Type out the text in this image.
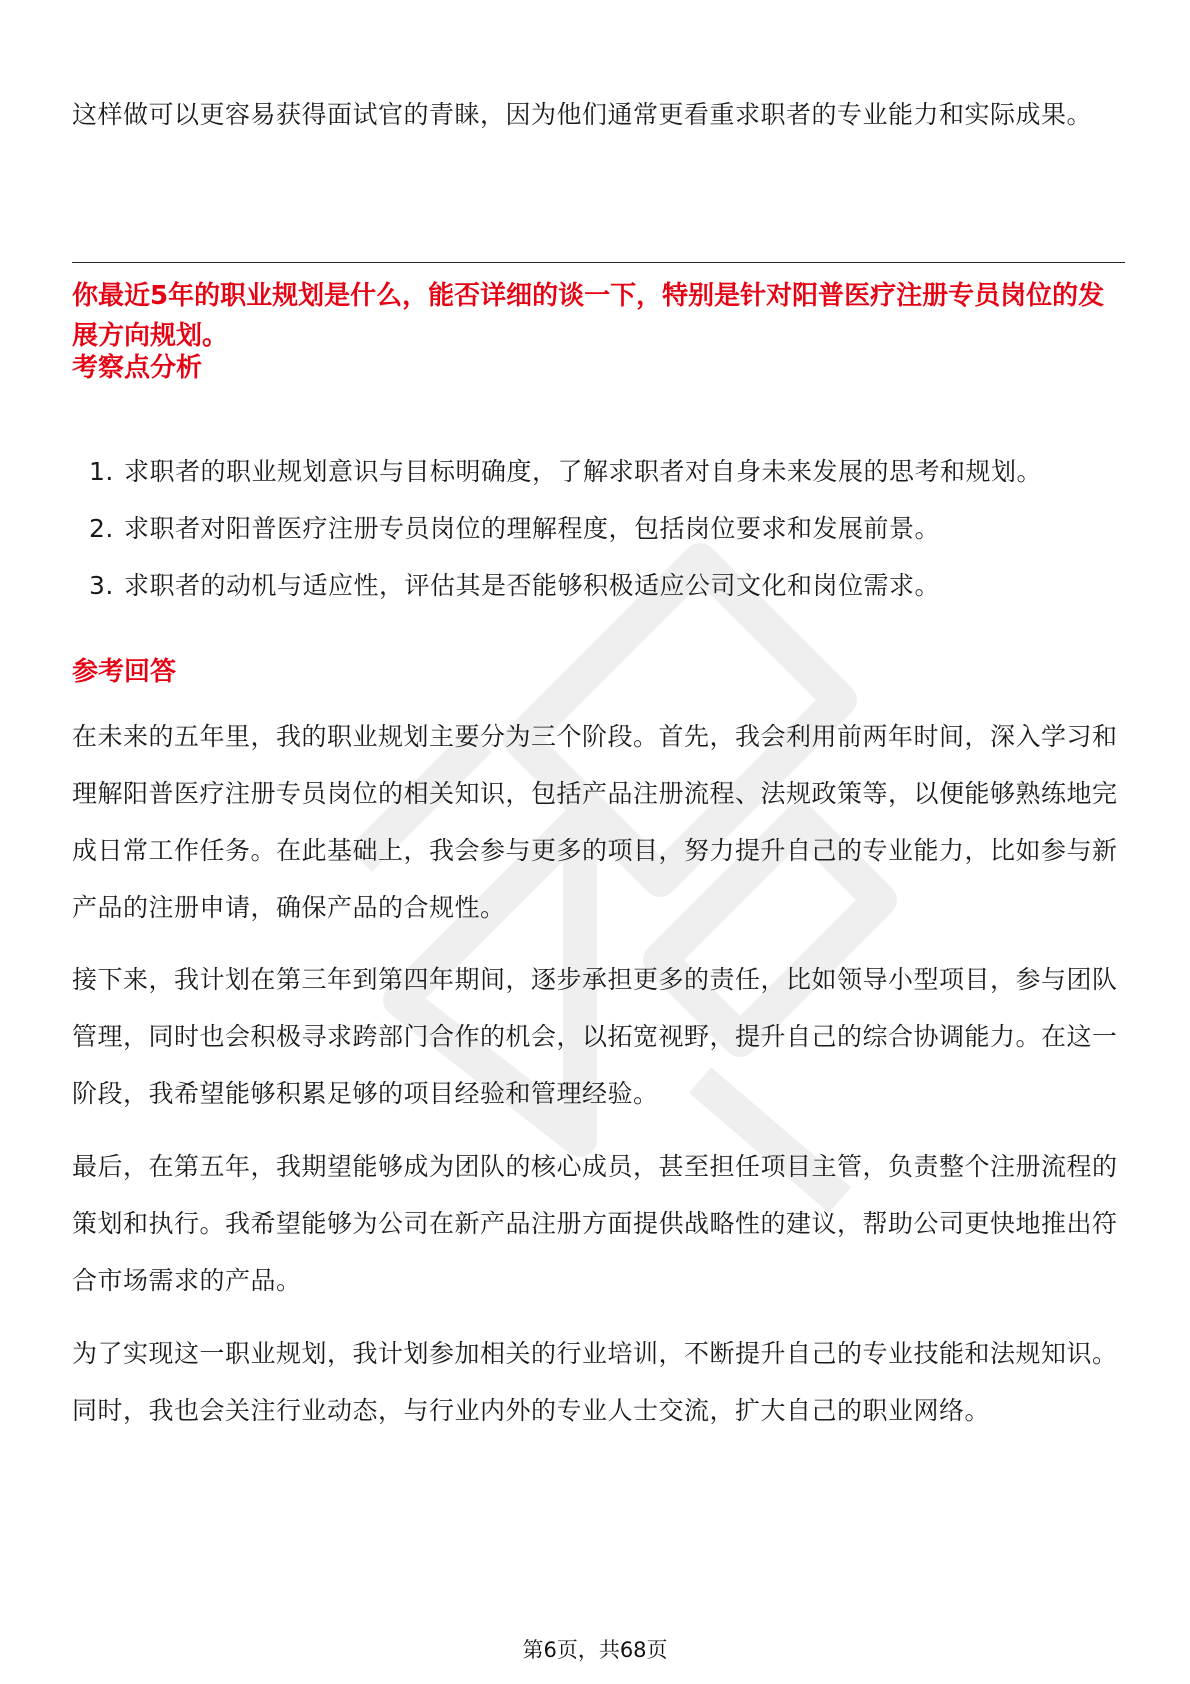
这样做可以更容易获得面试官的青睐，因为他们通常更看重求职者的专业能力和实际成果。

你最近5年的职业规划是什么，能否详细的谈一下，特别是针对阳普医疗注册专员岗位的发展方向规划。

考察点分析

1. 求职者的职业规划意识与目标明确度，了解求职者对自身未来发展的思考和规划。
2. 求职者对阳普医疗注册专员岗位的理解程度，包括岗位要求和发展前景。
3. 求职者的动机与适应性，评估其是否能够积极适应公司文化和岗位需求。

参考回答

在未来的五年里，我的职业规划主要分为三个阶段。首先，我会利用前两年时间，深入学习和理解阳普医疗注册专员岗位的相关知识，包括产品注册流程、法规政策等，以便能够熟练地完成日常工作任务。在此基础上，我会参与更多的项目，努力提升自己的专业能力，比如参与新产品的注册申请，确保产品的合规性。

接下来，我计划在第三年到第四年期间，逐步承担更多的责任，比如领导小型项目，参与团队管理，同时也会积极寻求跨部门合作的机会，以拓宽视野，提升自己的综合协调能力。在这一阶段，我希望能够积累足够的项目经验和管理经验。

最后，在第五年，我期望能够成为团队的核心成员，甚至担任项目主管，负责整个注册流程的策划和执行。我希望能够为公司在新产品注册方面提供战略性的建议，帮助公司更快地推出符合市场需求的产品。

为了实现这一职业规划，我计划参加相关的行业培训，不断提升自己的专业技能和法规知识。同时，我也会关注行业动态，与行业内外的专业人士交流，扩大自己的职业网络。

第6页，共68页
